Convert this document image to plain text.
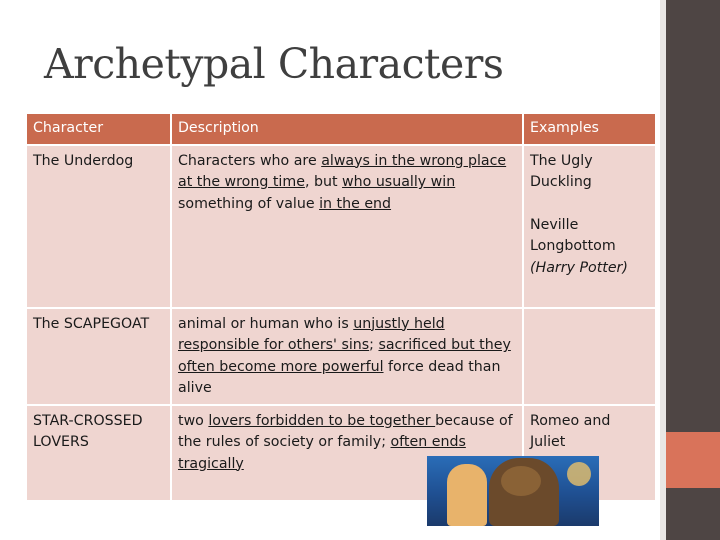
Archetypal Characters
Character	Description	Examples
The Underdog	Characters who are always in the wrong place at the wrong time, but who usually win something of value in the end	The Ugly Duckling
Neville Longbottom
(Harry Potter)

The SCAPEGOAT	animal or human who is unjustly held responsible for others' sins; sacrificed but they often become more powerful force dead than alive	
STAR-CROSSED LOVERS	two lovers forbidden to be together because of the rules of society or family; often ends tragically	Romeo and Juliet
